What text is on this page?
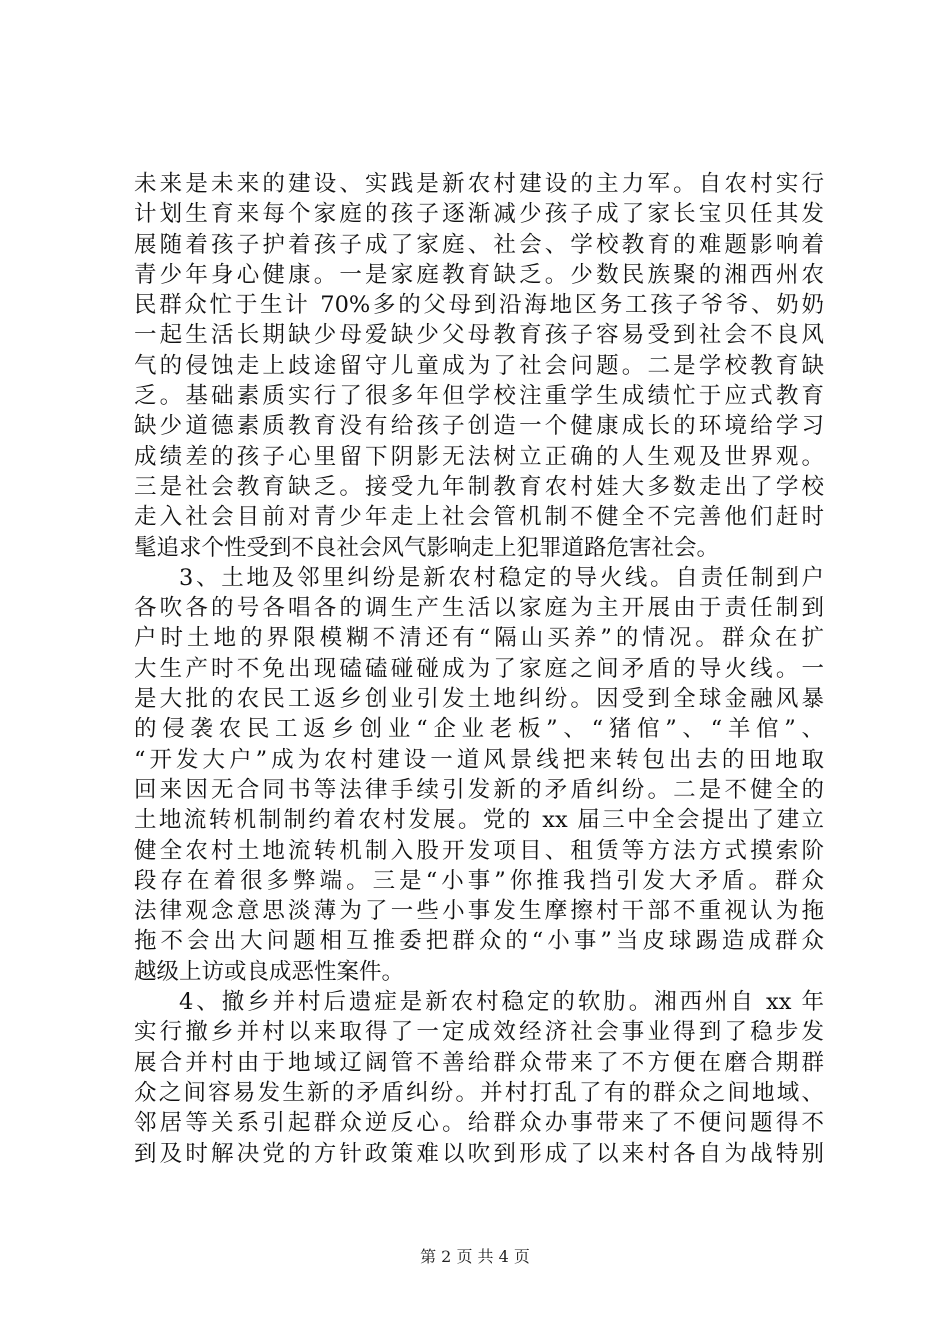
未来是未来的建设、实践是新农村建设的主力军。自农村实行
计划生育来每个家庭的孩子逐渐减少孩子成了家长宝贝任其发
展随着孩子护着孩子成了家庭、社会、学校教育的难题影响着
青少年身心健康。一是家庭教育缺乏。少数民族聚的湘西州农
民群众忙于生计 70%多的父母到沿海地区务工孩子爷爷、奶奶
一起生活长期缺少母爱缺少父母教育孩子容易受到社会不良风
气的侵蚀走上歧途留守儿童成为了社会问题。二是学校教育缺
乏。基础素质实行了很多年但学校注重学生成绩忙于应式教育
缺少道德素质教育没有给孩子创造一个健康成长的环境给学习
成绩差的孩子心里留下阴影无法树立正确的人生观及世界观。
三是社会教育缺乏。接受九年制教育农村娃大多数走出了学校
走入社会目前对青少年走上社会管机制不健全不完善他们赶时
髦追求个性受到不良社会风气影响走上犯罪道路危害社会。
3、土地及邻里纠纷是新农村稳定的导火线。自责任制到户
各吹各的号各唱各的调生产生活以家庭为主开展由于责任制到
户时土地的界限模糊不清还有“隔山买养”的情况。群众在扩
大生产时不免出现磕磕碰碰成为了家庭之间矛盾的导火线。一
是大批的农民工返乡创业引发土地纠纷。因受到全球金融风暴
的侵袭农民工返乡创业“企业老板”、“猪倌”、“羊倌”、
“开发大户”成为农村建设一道风景线把来转包出去的田地取
回来因无合同书等法律手续引发新的矛盾纠纷。二是不健全的
土地流转机制制约着农村发展。党的 xx 届三中全会提出了建立
健全农村土地流转机制入股开发项目、租赁等方法方式摸索阶
段存在着很多弊端。三是“小事”你推我挡引发大矛盾。群众
法律观念意思淡薄为了一些小事发生摩擦村干部不重视认为拖
拖不会出大问题相互推委把群众的“小事”当皮球踢造成群众
越级上访或良成恶性案件。
4、撤乡并村后遗症是新农村稳定的软肋。湘西州自 xx 年
实行撤乡并村以来取得了一定成效经济社会事业得到了稳步发
展合并村由于地域辽阔管不善给群众带来了不方便在磨合期群
众之间容易发生新的矛盾纠纷。并村打乱了有的群众之间地域、
邻居等关系引起群众逆反心。给群众办事带来了不便问题得不
到及时解决党的方针政策难以吹到形成了以来村各自为战特别
第 2 页 共 4 页
